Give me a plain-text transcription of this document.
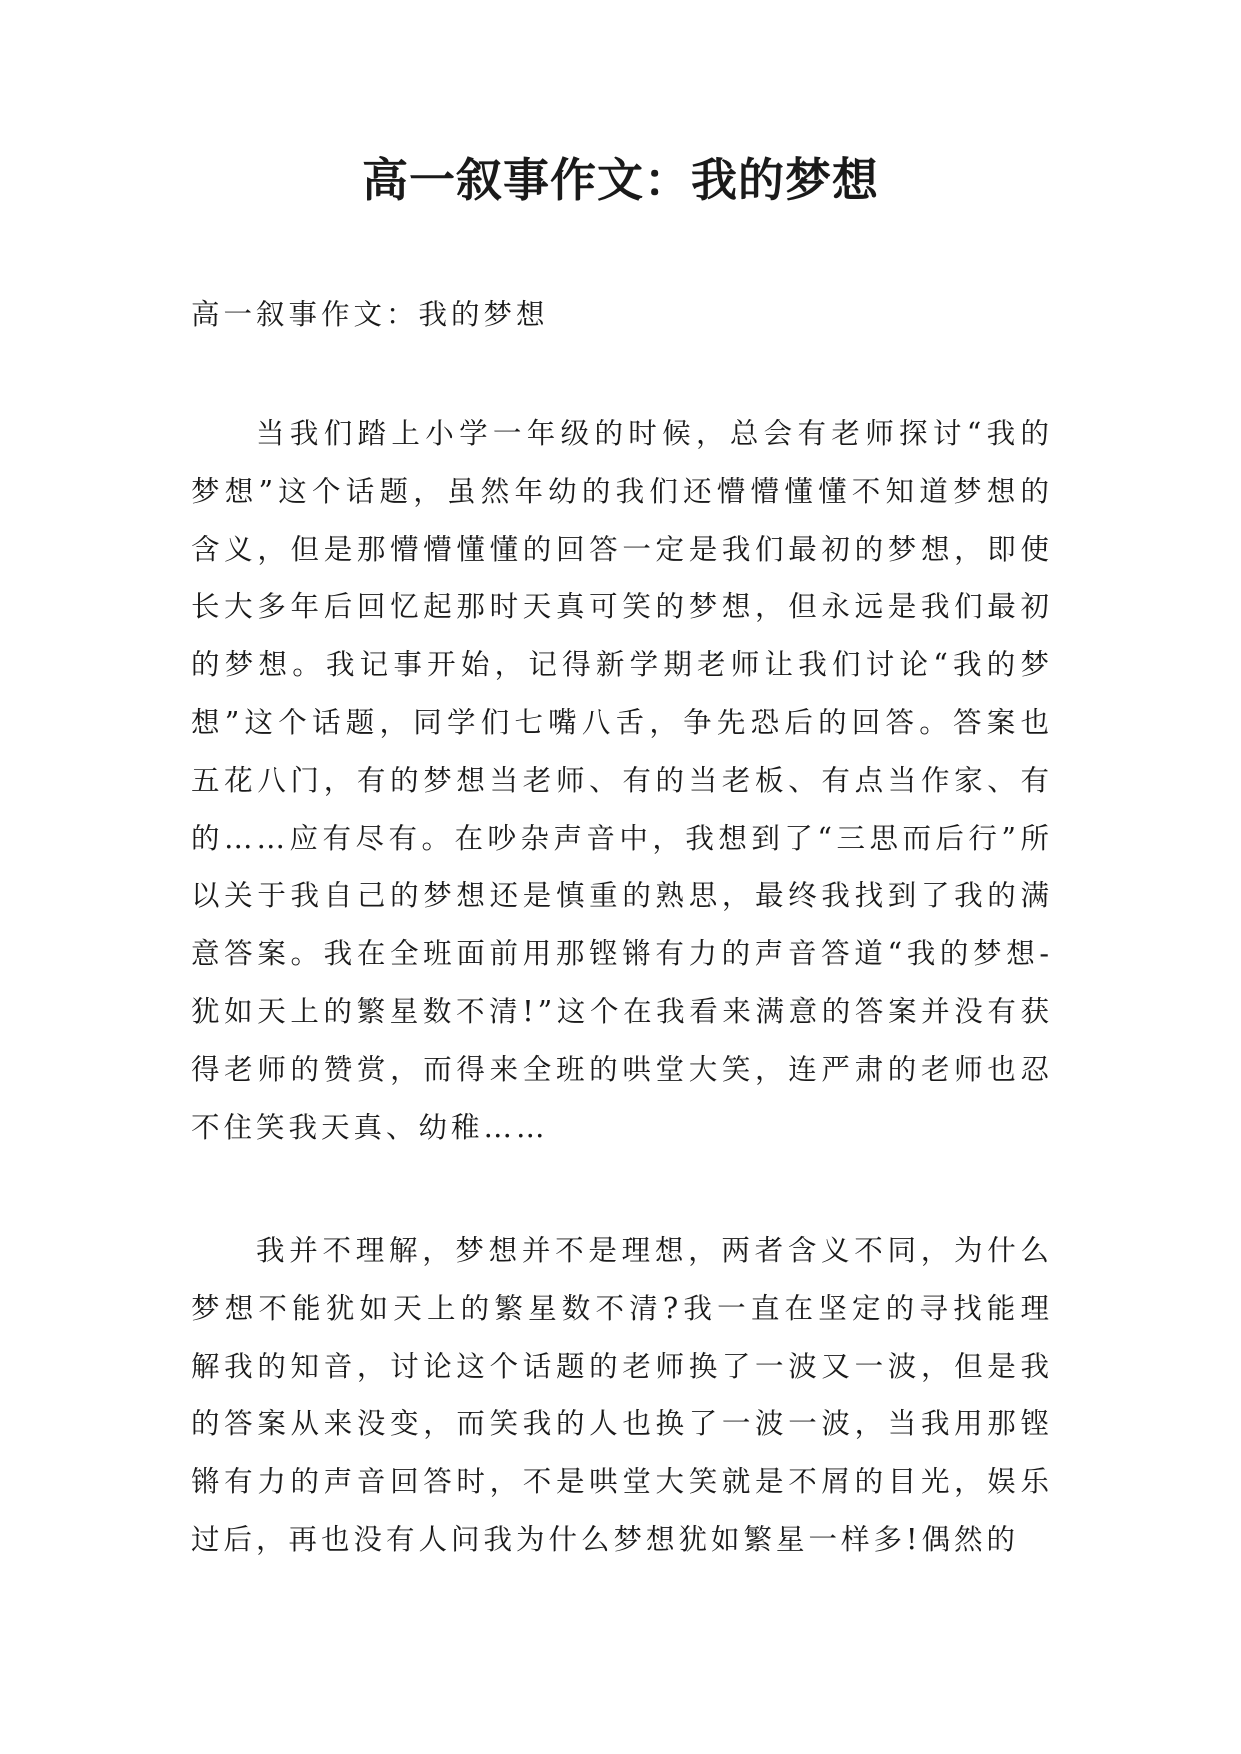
高一叙事作文：我的梦想

高一叙事作文：我的梦想

当我们踏上小学一年级的时候，总会有老师探讨“我的梦想”这个话题，虽然年幼的我们还懵懵懂懂不知道梦想的含义，但是那懵懵懂懂的回答一定是我们最初的梦想，即使长大多年后回忆起那时天真可笑的梦想，但永远是我们最初的梦想。我记事开始，记得新学期老师让我们讨论“我的梦想”这个话题，同学们七嘴八舌，争先恐后的回答。答案也五花八门，有的梦想当老师、有的当老板、有点当作家、有的……应有尽有。在吵杂声音中，我想到了“三思而后行”所以关于我自己的梦想还是慎重的熟思，最终我找到了我的满意答案。我在全班面前用那铿锵有力的声音答道“我的梦想-犹如天上的繁星数不清!”这个在我看来满意的答案并没有获得老师的赞赏，而得来全班的哄堂大笑，连严肃的老师也忍不住笑我天真、幼稚……

我并不理解，梦想并不是理想，两者含义不同，为什么梦想不能犹如天上的繁星数不清?我一直在坚定的寻找能理解我的知音，讨论这个话题的老师换了一波又一波，但是我的答案从来没变，而笑我的人也换了一波一波，当我用那铿锵有力的声音回答时，不是哄堂大笑就是不屑的目光，娱乐过后，再也没有人问我为什么梦想犹如繁星一样多!偶然的
